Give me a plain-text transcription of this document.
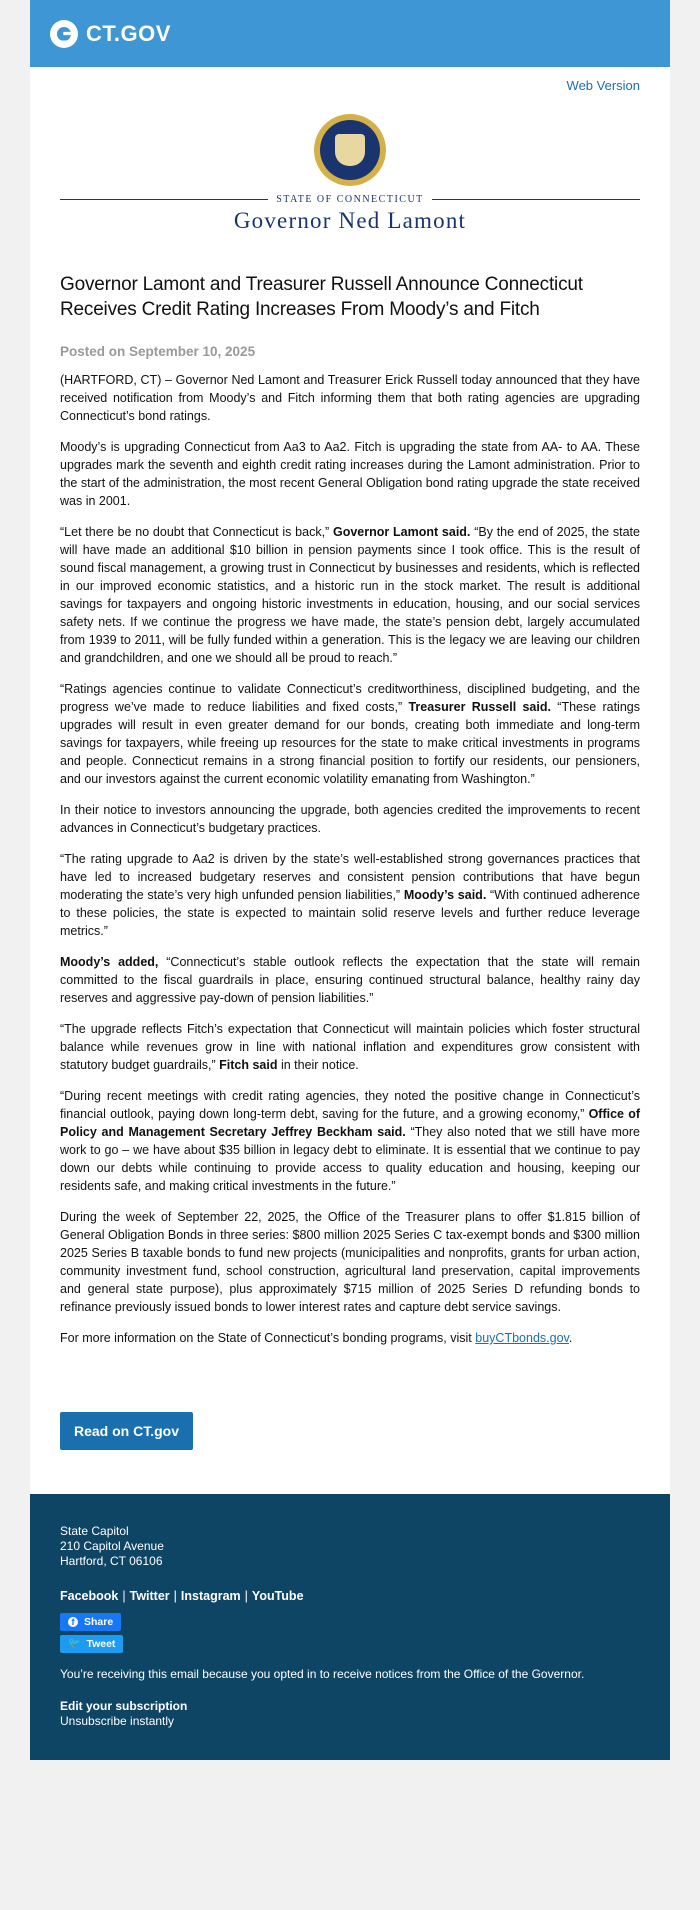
CT.GOV
Web Version
STATE OF CONNECTICUT
Governor Ned Lamont
Governor Lamont and Treasurer Russell Announce Connecticut Receives Credit Rating Increases From Moody’s and Fitch
Posted on September 10, 2025

(HARTFORD, CT) – Governor Ned Lamont and Treasurer Erick Russell today announced that they have received notification from Moody’s and Fitch informing them that both rating agencies are upgrading Connecticut’s bond ratings.

Moody’s is upgrading Connecticut from Aa3 to Aa2. Fitch is upgrading the state from AA- to AA. These upgrades mark the seventh and eighth credit rating increases during the Lamont administration. Prior to the start of the administration, the most recent General Obligation bond rating upgrade the state received was in 2001.

“Let there be no doubt that Connecticut is back,” Governor Lamont said. “By the end of 2025, the state will have made an additional $10 billion in pension payments since I took office. This is the result of sound fiscal management, a growing trust in Connecticut by businesses and residents, which is reflected in our improved economic statistics, and a historic run in the stock market. The result is additional savings for taxpayers and ongoing historic investments in education, housing, and our social services safety nets. If we continue the progress we have made, the state’s pension debt, largely accumulated from 1939 to 2011, will be fully funded within a generation. This is the legacy we are leaving our children and grandchildren, and one we should all be proud to reach.”

“Ratings agencies continue to validate Connecticut’s creditworthiness, disciplined budgeting, and the progress we’ve made to reduce liabilities and fixed costs,” Treasurer Russell said. “These ratings upgrades will result in even greater demand for our bonds, creating both immediate and long-term savings for taxpayers, while freeing up resources for the state to make critical investments in programs and people. Connecticut remains in a strong financial position to fortify our residents, our pensioners, and our investors against the current economic volatility emanating from Washington.”

In their notice to investors announcing the upgrade, both agencies credited the improvements to recent advances in Connecticut’s budgetary practices.

“The rating upgrade to Aa2 is driven by the state’s well-established strong governances practices that have led to increased budgetary reserves and consistent pension contributions that have begun moderating the state’s very high unfunded pension liabilities,” Moody’s said. “With continued adherence to these policies, the state is expected to maintain solid reserve levels and further reduce leverage metrics.”

Moody’s added, “Connecticut’s stable outlook reflects the expectation that the state will remain committed to the fiscal guardrails in place, ensuring continued structural balance, healthy rainy day reserves and aggressive pay-down of pension liabilities.”

“The upgrade reflects Fitch’s expectation that Connecticut will maintain policies which foster structural balance while revenues grow in line with national inflation and expenditures grow consistent with statutory budget guardrails,” Fitch said in their notice.

“During recent meetings with credit rating agencies, they noted the positive change in Connecticut’s financial outlook, paying down long-term debt, saving for the future, and a growing economy,” Office of Policy and Management Secretary Jeffrey Beckham said. “They also noted that we still have more work to go – we have about $35 billion in legacy debt to eliminate. It is essential that we continue to pay down our debts while continuing to provide access to quality education and housing, keeping our residents safe, and making critical investments in the future.”

During the week of September 22, 2025, the Office of the Treasurer plans to offer $1.815 billion of General Obligation Bonds in three series: $800 million 2025 Series C tax-exempt bonds and $300 million 2025 Series B taxable bonds to fund new projects (municipalities and nonprofits, grants for urban action, community investment fund, school construction, agricultural land preservation, capital improvements and general state purpose), plus approximately $715 million of 2025 Series D refunding bonds to refinance previously issued bonds to lower interest rates and capture debt service savings.

For more information on the State of Connecticut’s bonding programs, visit buyCTbonds.gov.

Read on CT.gov
State Capitol
210 Capitol Avenue
Hartford, CT 06106
Facebook | Twitter | Instagram | YouTube
f Share
🐦 Tweet
You’re receiving this email because you opted in to receive notices from the Office of the Governor.
Edit your subscription
Unsubscribe instantly
